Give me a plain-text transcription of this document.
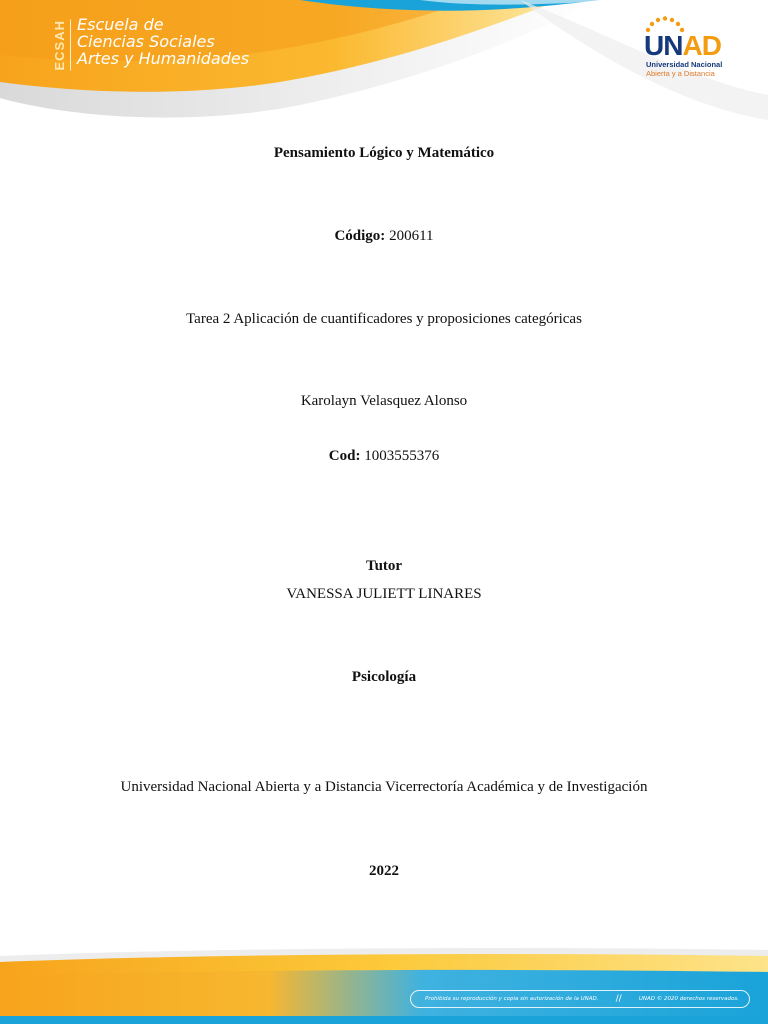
ECSAH Escuela de
Ciencias Sociales
Artes y Humanidades	UNAD
Universidad Nacional
Abierta y a Distancia
Pensamiento Lógico y Matemático
Código: 200611
Tarea 2 Aplicación de cuantificadores y proposiciones categóricas
Karolayn Velasquez Alonso
Cod: 1003555376
Tutor
VANESSA JULIETT LINARES
Psicología
Universidad Nacional Abierta y a Distancia Vicerrectoría Académica y de Investigación
2022
Prohibida su reproducción y copia sin autorización de la UNAD. //	UNAD © 2020 derechos reservados.
